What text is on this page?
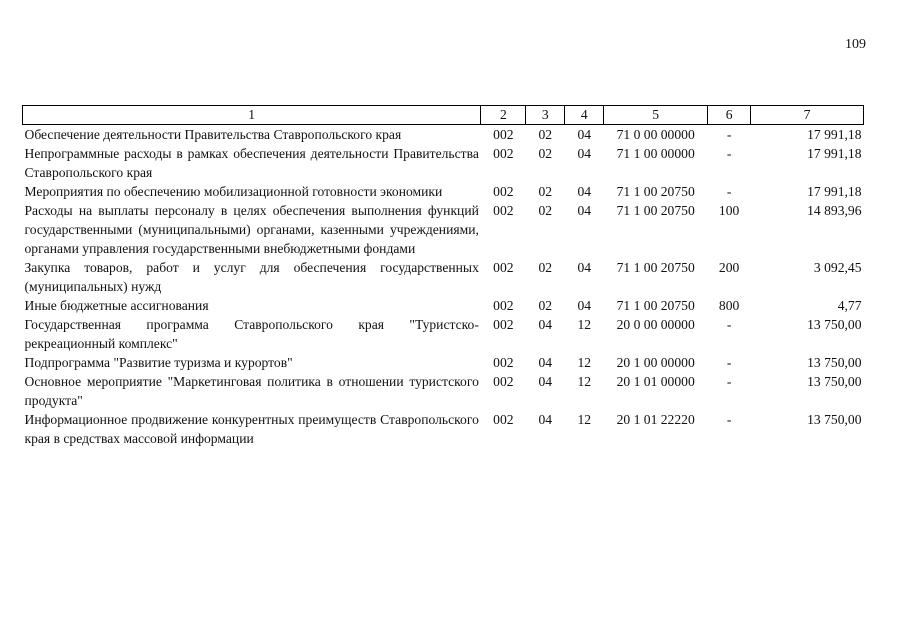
109
1	2	3	4	5	6	7
Обеспечение деятельности Правительства Ставропольского края	002	02	04	71 0 00 00000	-	17 991,18
Непрограммные расходы в рамках обеспечения деятельности Правительства Ставропольского края	002	02	04	71 1 00 00000	-	17 991,18
Мероприятия по обеспечению мобилизационной готовности экономики	002	02	04	71 1 00 20750	-	17 991,18
Расходы на выплаты персоналу в целях обеспечения выполнения функций государственными (муниципальными) органами, казенными учреждениями, органами управления государственными внебюджетными фондами	002	02	04	71 1 00 20750	100	14 893,96
Закупка товаров, работ и услуг для обеспечения государственных (муниципальных) нужд	002	02	04	71 1 00 20750	200	3 092,45
Иные бюджетные ассигнования	002	02	04	71 1 00 20750	800	4,77
Государственная программа Ставропольского края "Туристско-рекреационный комплекс"	002	04	12	20 0 00 00000	-	13 750,00
Подпрограмма "Развитие туризма и курортов"	002	04	12	20 1 00 00000	-	13 750,00
Основное мероприятие "Маркетинговая политика в отношении туристского продукта"	002	04	12	20 1 01 00000	-	13 750,00
Информационное продвижение конкурентных преимуществ Ставропольского края в средствах массовой информации	002	04	12	20 1 01 22220	-	13 750,00
